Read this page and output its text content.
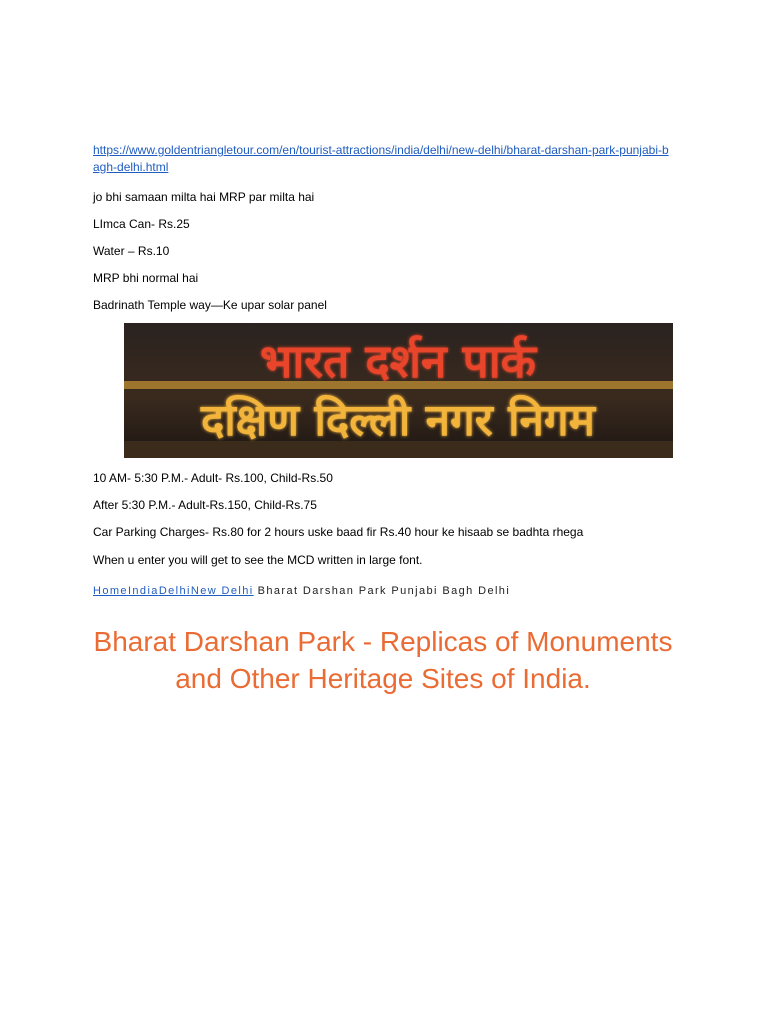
https://www.goldentriangletour.com/en/tourist-attractions/india/delhi/new-delhi/bharat-darshan-park-punjabi-bagh-delhi.html
jo bhi samaan milta hai MRP par milta hai
LImca Can- Rs.25
Water – Rs.10
MRP bhi normal hai
Badrinath Temple way—Ke upar solar panel
भारत दर्शन पार्क
दक्षिण दिल्ली नगर निगम
10 AM- 5:30 P.M.- Adult- Rs.100, Child-Rs.50
After 5:30 P.M.- Adult-Rs.150, Child-Rs.75
Car Parking Charges- Rs.80 for 2 hours uske baad fir Rs.40 hour ke hisaab se badhta rhega
When u enter you will get to see the MCD written in large font.
HomeIndiaDelhiNew Delhi Bharat Darshan Park Punjabi Bagh Delhi
Bharat Darshan Park - Replicas of Monuments and Other Heritage Sites of India.
